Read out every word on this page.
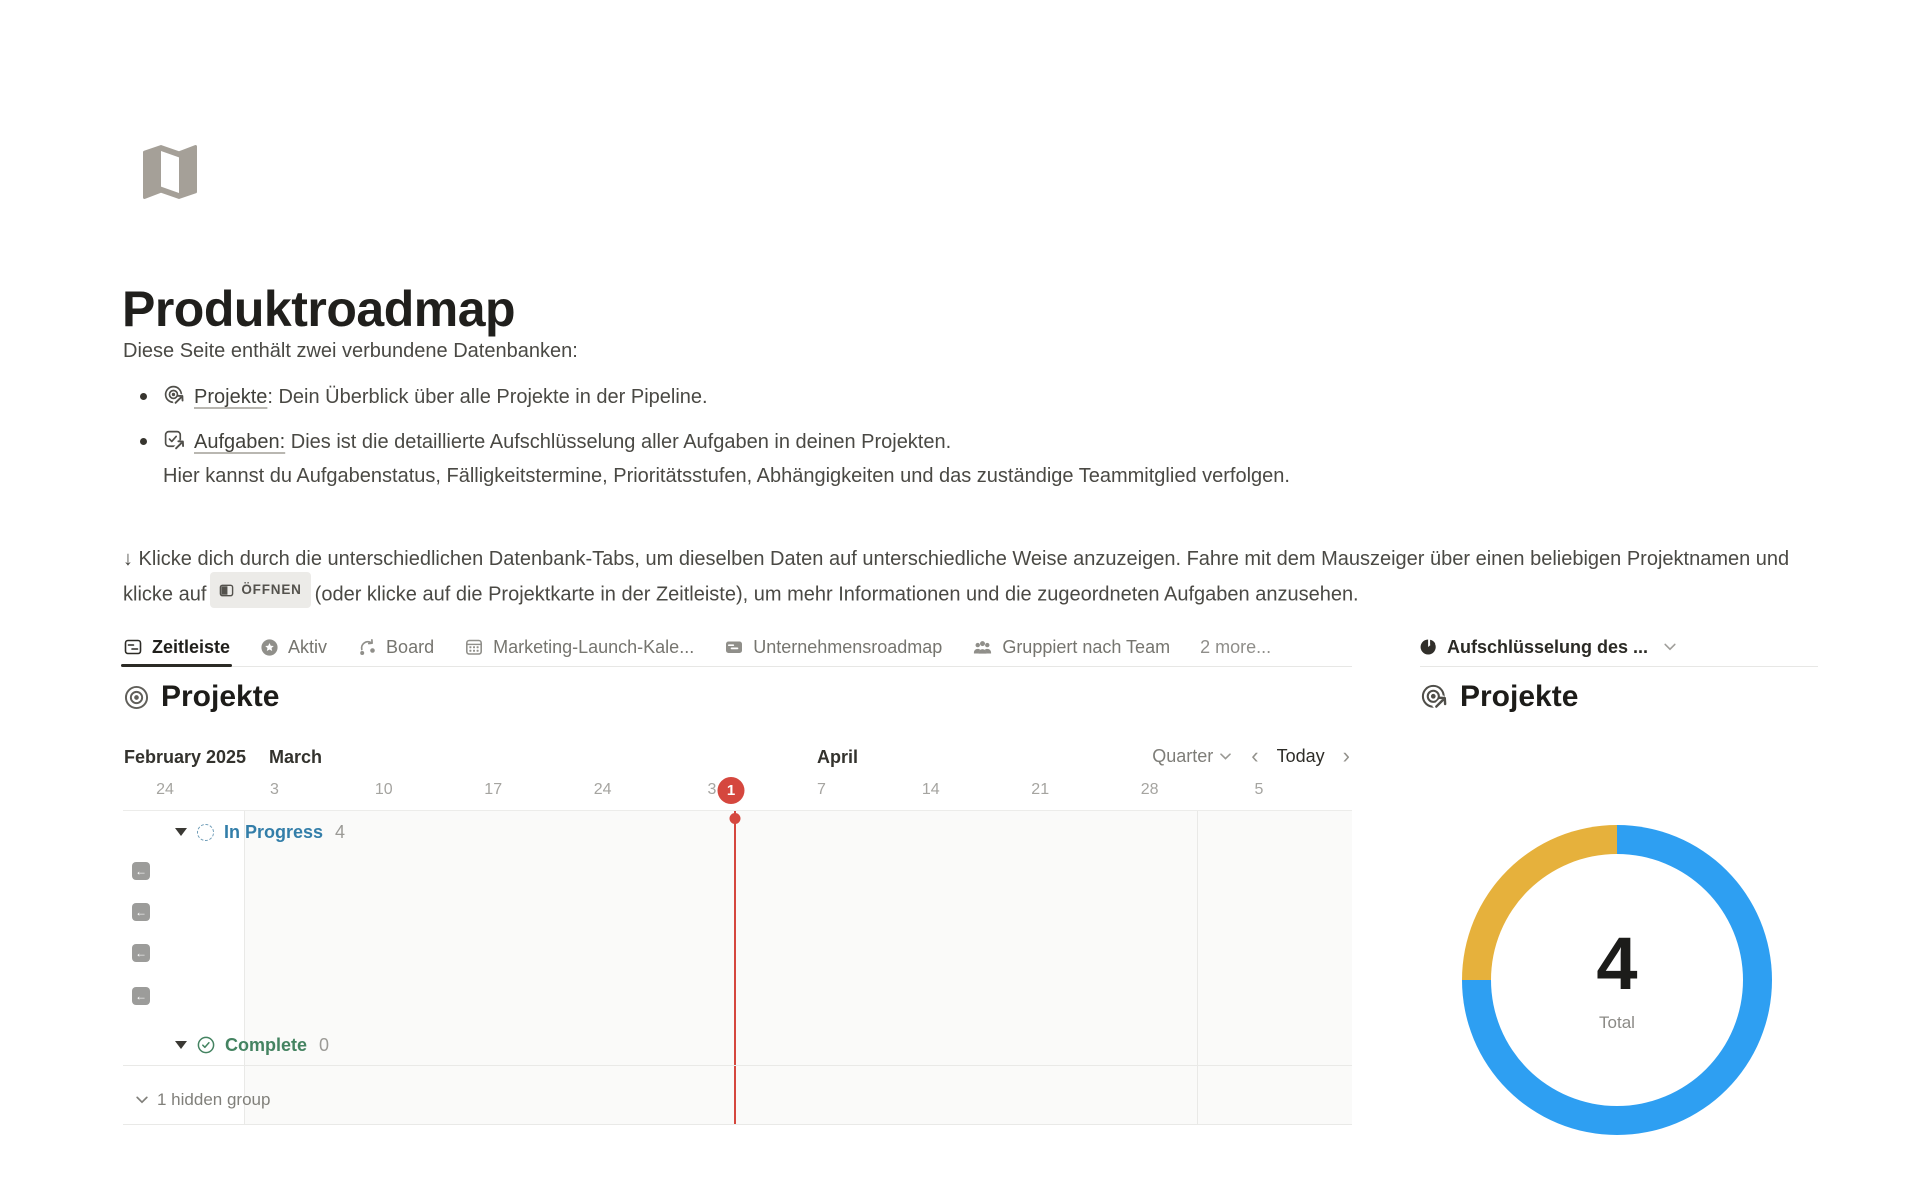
Produktroadmap

Diese Seite enthält zwei verbundene Datenbanken:

Projekte: Dein Überblick über alle Projekte in der Pipeline.
Aufgaben: Dies ist die detaillierte Aufschlüsselung aller Aufgaben in deinen Projekten.
Hier kannst du Aufgabenstatus, Fälligkeitstermine, Prioritätsstufen, Abhängigkeiten und das zuständige Teammitglied verfolgen.

↓ Klicke dich durch die unterschiedlichen Datenbank-Tabs, um dieselben Daten auf unterschiedliche Weise anzuzeigen. Fahre mit dem Mauszeiger über einen beliebigen Projektnamen und klicke auf	ÖFFNEN (oder klicke auf die Projektkarte in der Zeitleiste), um mehr Informationen und die zugeordneten Aufgaben anzusehen.

Zeitleiste	Aktiv	Board	Marketing-Launch-Kale...	Unternehmensroadmap	Gruppiert nach Team 2 more...
Projekte
February 2025 March	April	Quarter ‹ Today ›
5
28
21
14
7
3
24
17
10
3
24	1
In Progress 4
←
←
←
←
Complete 0
1 hidden group
Aufschlüsselung des ...
Projekte
4
Total
